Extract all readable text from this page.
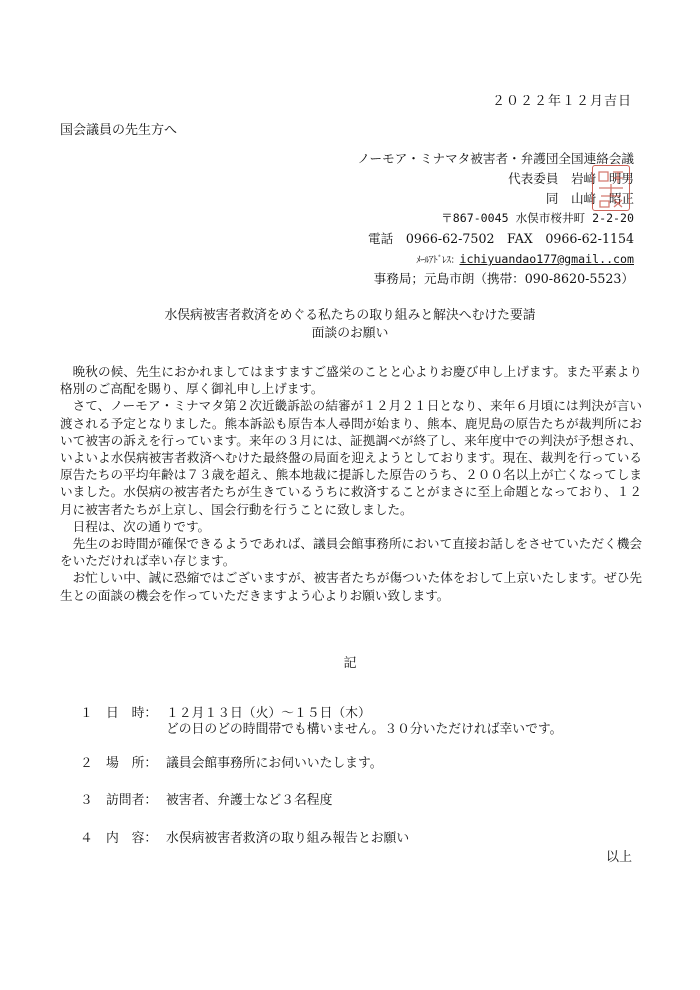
２０２２年１２月吉日
国会議員の先生方へ
ノーモア・ミナマタ被害者・弁護団全国連絡会議
代表委員　岩﨑　明男
同　山﨑　昭正
〒867-0045 水俣市桜井町 2-2-20
電話　0966-62-7502　FAX　0966-62-1154
ﾒｰﾙｱﾄﾞﾚｽ：ichiyuandao177@gmail..com
事務局；元島市朗（携帯：090-8620-5523）
水俣病被害者救済をめぐる私たちの取り組みと解決へむけた要請
面談のお願い

晩秋の候、先生におかれましてはますますご盛栄のことと心よりお慶び申し上げます。また平素より格別のご高配を賜り、厚く御礼申し上げます。

さて、ノーモア・ミナマタ第２次近畿訴訟の結審が１２月２１日となり、来年６月頃には判決が言い渡される予定となりました。熊本訴訟も原告本人尋問が始まり、熊本、鹿児島の原告たちが裁判所において被害の訴えを行っています。来年の３月には、証拠調べが終了し、来年度中での判決が予想され、いよいよ水俣病被害者救済へむけた最終盤の局面を迎えようとしております。現在、裁判を行っている原告たちの平均年齢は７３歳を超え、熊本地裁に提訴した原告のうち、２００名以上が亡くなってしまいました。水俣病の被害者たちが生きているうちに救済することがまさに至上命題となっており、１２月に被害者たちが上京し、国会行動を行うことに致しました。

日程は、次の通りです。

先生のお時間が確保できるようであれば、議員会館事務所において直接お話しをさせていただく機会をいただければ幸い存じます。

お忙しい中、誠に恐縮ではございますが、被害者たちが傷ついた体をおして上京いたします。ぜひ先生との面談の機会を作っていただきますよう心よりお願い致します。

記
１ 日　時： １２月１３日（火）～１５日（木）
どの日のどの時間帯でも構いません。３０分いただければ幸いです。
２ 場　所： 議員会館事務所にお伺いいたします。
３ 訪問者： 被害者、弁護士など３名程度
４ 内　容： 水俣病被害者救済の取り組み報告とお願い
以上
